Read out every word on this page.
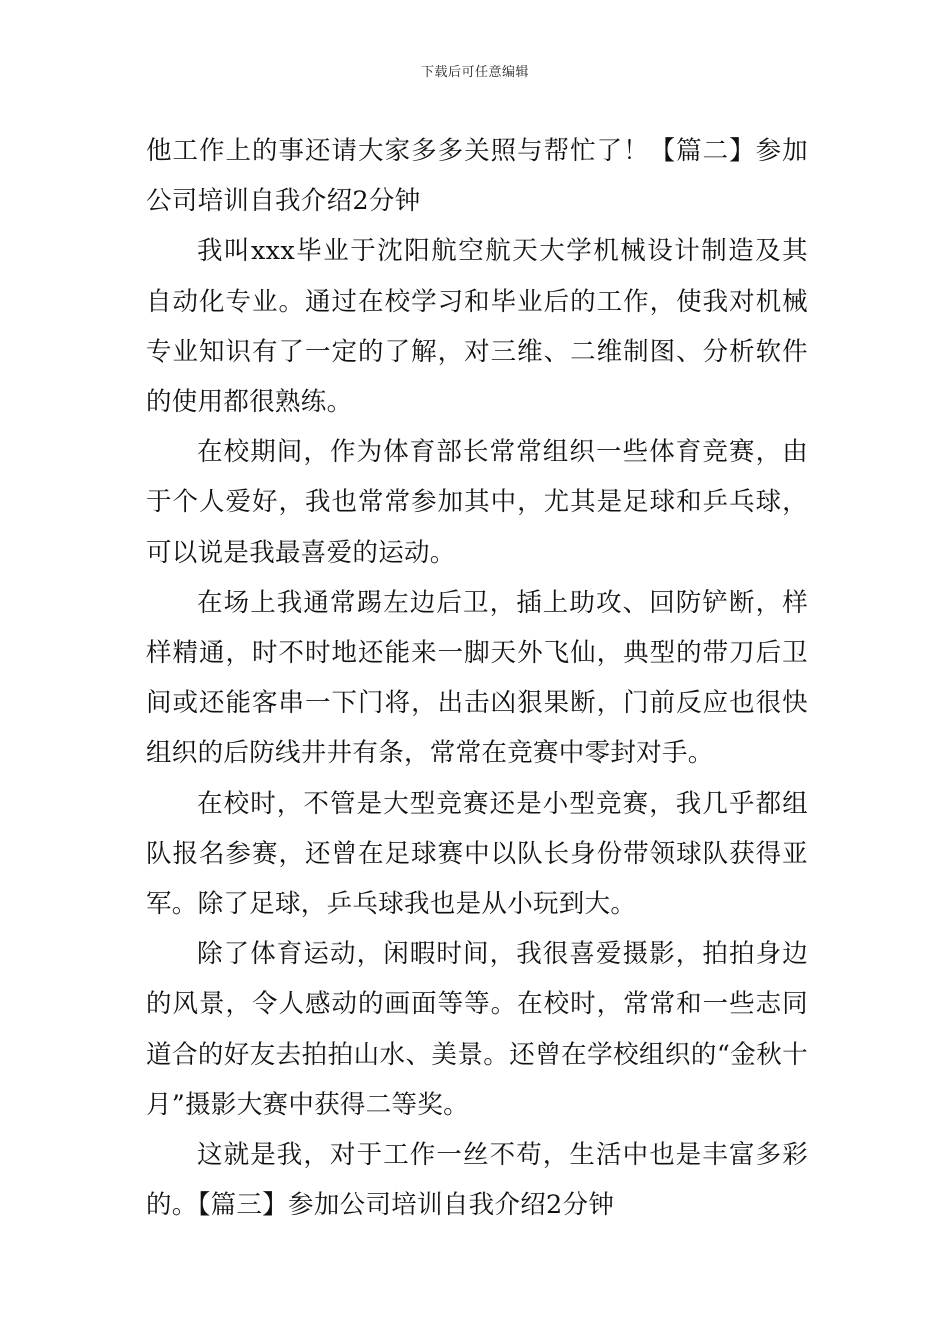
下载后可任意编辑

他工作上的事还请大家多多关照与帮忙了！【篇二】参加公司培训自我介绍2分钟

我叫xxx毕业于沈阳航空航天大学机械设计制造及其自动化专业。通过在校学习和毕业后的工作，使我对机械专业知识有了一定的了解，对三维、二维制图、分析软件的使用都很熟练。

在校期间，作为体育部长常常组织一些体育竞赛，由于个人爱好，我也常常参加其中，尤其是足球和乒乓球，可以说是我最喜爱的运动。

在场上我通常踢左边后卫，插上助攻、回防铲断，样样精通，时不时地还能来一脚天外飞仙，典型的带刀后卫间或还能客串一下门将，出击凶狠果断，门前反应也很快组织的后防线井井有条，常常在竞赛中零封对手。

在校时，不管是大型竞赛还是小型竞赛，我几乎都组队报名参赛，还曾在足球赛中以队长身份带领球队获得亚军。除了足球，乒乓球我也是从小玩到大。

除了体育运动，闲暇时间，我很喜爱摄影，拍拍身边的风景，令人感动的画面等等。在校时，常常和一些志同道合的好友去拍拍山水、美景。还曾在学校组织的“金秋十月”摄影大赛中获得二等奖。

这就是我，对于工作一丝不苟，生活中也是丰富多彩的。【篇三】参加公司培训自我介绍2分钟
